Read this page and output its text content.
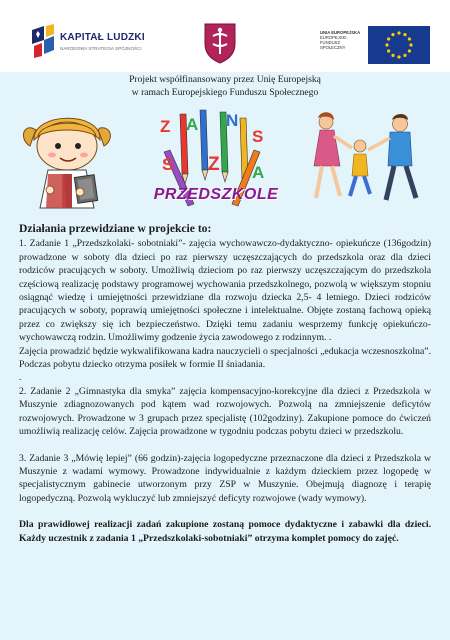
KAPITAŁ LUDZKI
NARODOWA STRATEGIA SPÓJNOŚCI
UNIA EUROPEJSKA
EUROPEJSKI
FUNDUSZ SPOŁECZNY
Projekt współfinansowany przez Unię Europejską
w ramach Europejskiego Funduszu Społecznego
Z A N
S
S Z A
PRZEDSZKOLE
Działania przewidziane w projekcie to:

1. Zadanie 1 „Przedszkolaki- sobotniaki”- zajęcia wychowawczo-dydaktyczno- opiekuńcze (136godzin) prowadzone w soboty dla dzieci po raz pierwszy uczęszczających do przedszkola oraz dla dzieci rodziców pracujących w soboty. Umożliwią dzieciom po raz pierwszy uczęszczającym do przedszkola częściową realizację podstawy programowej wychowania przedszkolnego, pozwolą w większym stopniu osiągnąć wiedzę i umiejętności przewidziane dla rozwoju dziecka 2,5- 4 letniego. Dzieci rodziców pracujących w soboty, poprawią umiejętności społeczne i intelektualne. Objęte zostaną fachową opieką przez co zwiększy się ich bezpieczeństwo. Dzięki temu zadaniu wesprzemy funkcję opiekuńczo-wychowawczą rodzin. Umożliwimy godzenie życia zawodowego z rodzinnym. .

Zajęcia prowadzić będzie wykwalifikowana kadra nauczycieli o specjalności „edukacja wczesnoszkolna”. Podczas pobytu dziecko otrzyma posiłek w formie II śniadania.

.

2. Zadanie 2 „Gimnastyka dla smyka” zajęcia kompensacyjno-korekcyjne dla dzieci z Przedszkola w Muszynie zdiagnozowanych pod kątem wad rozwojowych. Pozwolą na zmniejszenie deficytów rozwojowych. Prowadzone w 3 grupach przez specjalistę (102godziny). Zakupione pomoce do ćwiczeń umożliwią realizację celów. Zajęcia prowadzone w tygodniu podczas pobytu dzieci w przedszkolu.

3. Zadanie 3 „Mówię lepiej” (66 godzin)-zajęcia logopedyczne przeznaczone dla dzieci z Przedszkola w Muszynie z wadami wymowy. Prowadzone indywidualnie z każdym dzieckiem przez logopedę w specjalistycznym gabinecie utworzonym przy ZSP w Muszynie. Obejmują diagnozę i terapię logopedyczną. Pozwolą wykluczyć lub zmniejszyć deficyty rozwojowe (wady wymowy).

Dla prawidłowej realizacji zadań zakupione zostaną pomoce dydaktyczne i zabawki dla dzieci. Każdy uczestnik z zadania 1 „Przedszkolaki-sobotniaki” otrzyma komplet pomocy do zajęć.
